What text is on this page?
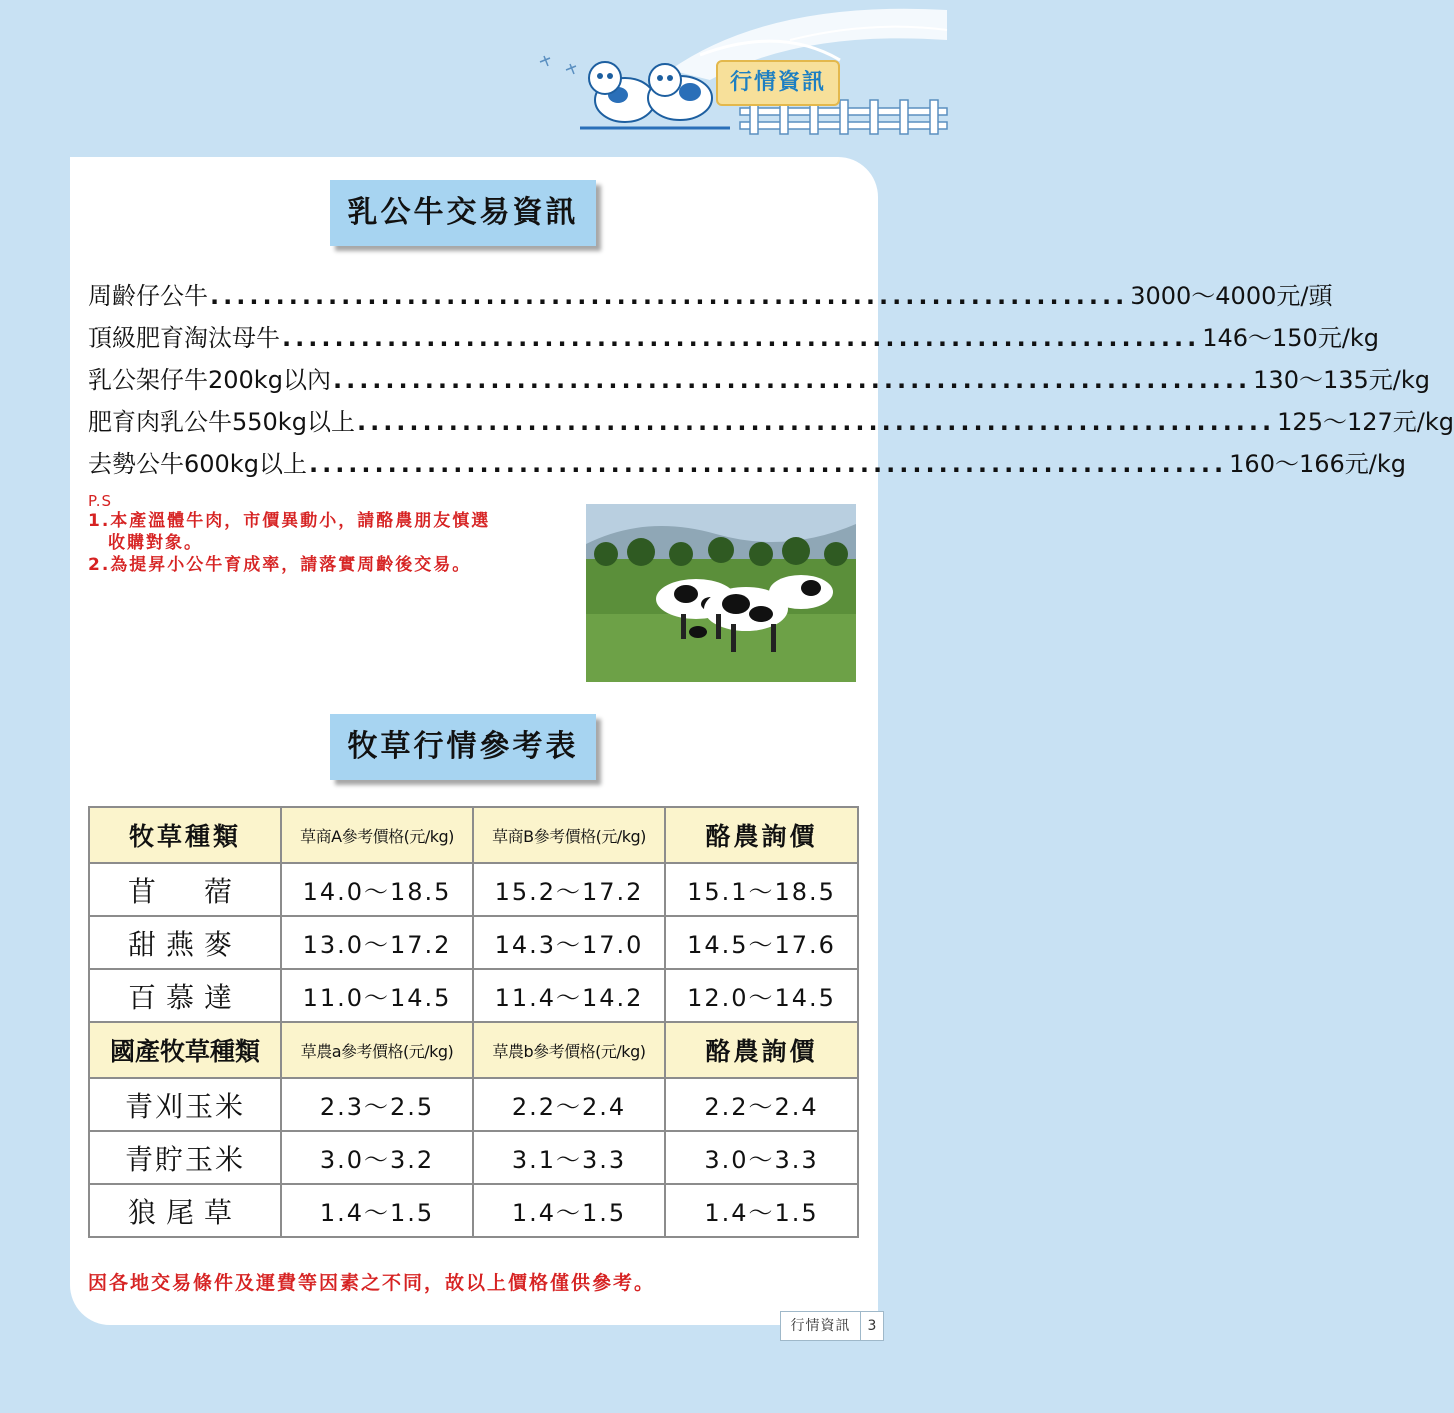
行情資訊
乳公牛交易資訊
周齡仔公牛 ...................................................................... 3000～4000元/頭
頂級肥育淘汰母牛 ...................................................................... 146～150元/kg
乳公架仔牛200kg以內 ...................................................................... 130～135元/kg
肥育肉乳公牛550kg以上 ...................................................................... 125～127元/kg
去勢公牛600kg以上 ...................................................................... 160～166元/kg
P.S
1.本產溫體牛肉，市價異動小，請酪農朋友慎選
收購對象。
2.為提昇小公牛育成率，請落實周齡後交易。
牧草行情參考表
牧草種類	草商A參考價格(元/kg)	草商B參考價格(元/kg)	酪農詢價
苜　蓿	14.0～18.5	15.2～17.2	15.1～18.5
甜燕麥	13.0～17.2	14.3～17.0	14.5～17.6
百慕達	11.0～14.5	11.4～14.2	12.0～14.5
國產牧草種類	草農a參考價格(元/kg)	草農b參考價格(元/kg)	酪農詢價
青刈玉米	2.3～2.5	2.2～2.4	2.2～2.4
青貯玉米	3.0～3.2	3.1～3.3	3.0～3.3
狼尾草	1.4～1.5	1.4～1.5	1.4～1.5
因各地交易條件及運費等因素之不同，故以上價格僅供參考。
行情資訊	3
